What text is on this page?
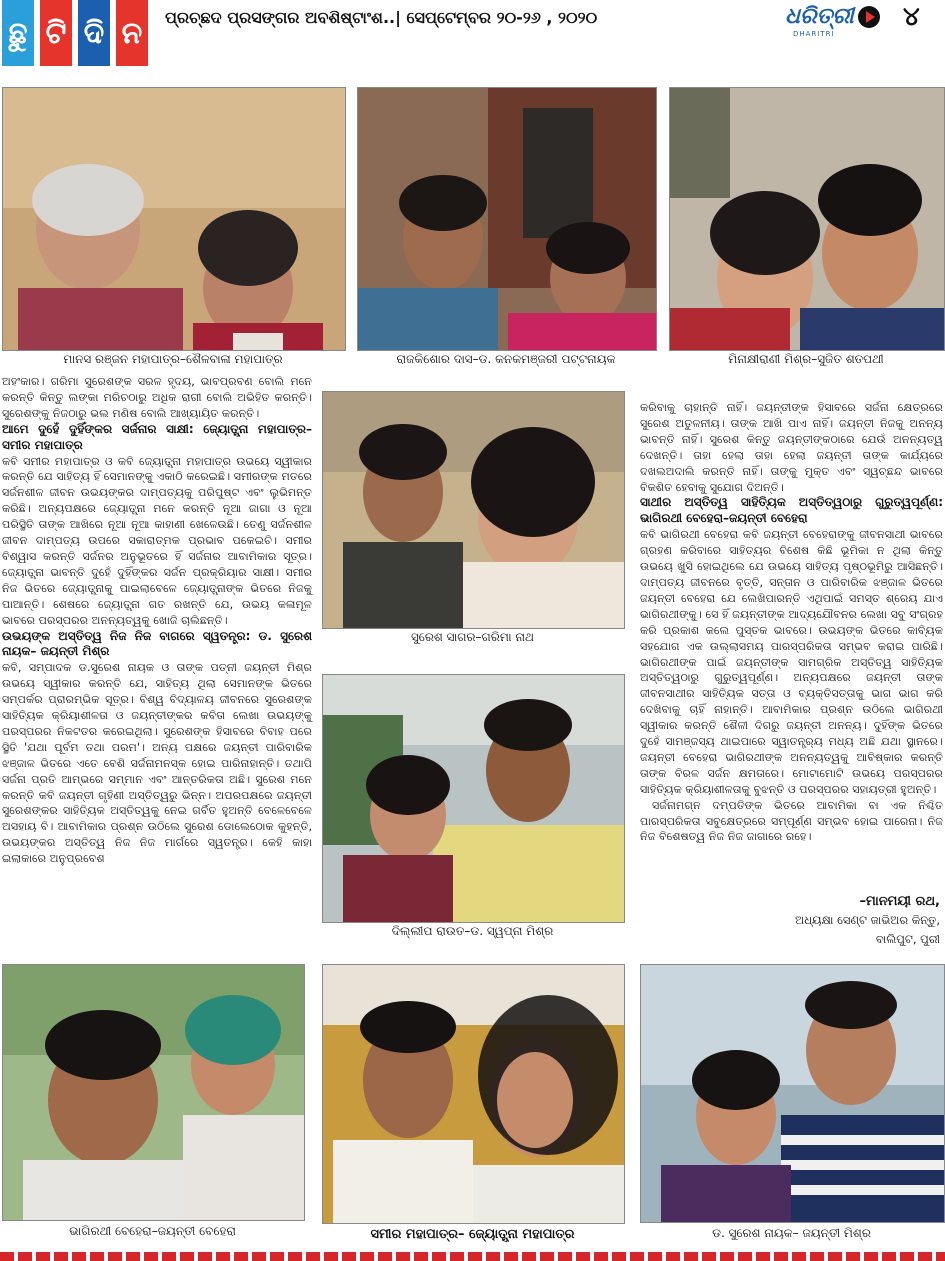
ଛୁ ଟି ଦି ନ	ପ୍ରଚ୍ଛଦ ପ୍ରସଙ୍ଗର ଅବଶିଷ୍ଟାଂଶ..| ସେପ୍ଟେମ୍ବର ୨୦-୨୬ , ୨୦୨୦	ଧରିତ୍ରୀ
DHARITRI
୪
ମାନସ ରଞ୍ଜନ ମହାପାତ୍ର–ଶୈଳବାଳା ମହାପାତ୍ର	ରାଜକିଶୋର ଦାସ–ଡ. କନକମଞ୍ଜରୀ ପଟ୍ଟନାୟକ	ମିନାକ୍ଷୀରାଣୀ ମିଶ୍ର–ସୁଜିତ ଶତପଥୀ
ସୁରେଶ ସାଗର–ଗରିମା ନାଥ
ଦିଲ୍ଲୀପ ରାଉତ–ଡ. ସ୍ୱପ୍ନା ମିଶ୍ର
ଭାଗିରଥୀ ବେହେରା–ଜୟନ୍ତୀ ବେହେରା	ସମୀର ମହାପାତ୍ର– ଜ୍ୟୋତ୍ସ୍ନା ମହାପାତ୍ର	ଡ. ସୁରେଶ ନାୟକ– ଜୟନ୍ତୀ ମିଶ୍ର

ଅହଂକାର। ଗରିମା ସୁରେଶଙ୍କ ସରଳ ହୃଦୟ, ଭାବପ୍ରବଣ ବୋଲି ମନେ କରନ୍ତି କିନ୍ତୁ ଲଙ୍କା ମରିଚଠାରୁ ଅଧିକ ରାଗୀ ବୋଲି ଅଭିହିତ କରନ୍ତି। ସୁରେଶଙ୍କୁ ନିଜଠାରୁ ଭଲ ମଣିଷ ବୋଲି ଆଖ୍ୟାୟିତ କରନ୍ତି।

ଆମେ ଦୁହେଁ ଦୁହିଁଙ୍କର ସର୍ଜନାର ସାକ୍ଷୀ: ଜ୍ୟୋତ୍ସ୍ନା ମହାପାତ୍ର– ସମୀର ମହାପାତ୍ର

କବି ସମୀର ମହାପାତ୍ର ଓ କବି ଜ୍ୟୋତ୍ସ୍ନା ମହାପାତ୍ର ଉଭୟେ ସ୍ୱୀକାର କରନ୍ତି ଯେ ସାହିତ୍ୟ ହିଁ ସେମାନଙ୍କୁ ଏକାଠି କରେଇଛି। ସମୀରଙ୍କ ମତରେ ସର୍ଜନଶୀଳ ଜୀବନ ଉଭୟଙ୍କର ଦାମ୍ପତ୍ୟକୁ ପରିପୁଷ୍ଟ ଏବଂ ଲୁଭିମନ୍ତ କରିଛି। ଅନ୍ୟପକ୍ଷରେ ଜ୍ୟୋତ୍ସ୍ନା ମନେ କରନ୍ତି ନୂଆ ଜାଗା ଓ ନୂଆ ପରିସ୍ଥିତି ତାଙ୍କ ଆଖିରେ ନୂଆ ନୂଆ କାହାଣୀ ଖେଳେଉଛି। ତେଣୁ ସର୍ଜନଶୀଳ ଜୀବନ ଦାମ୍ପତ୍ୟ ଉପରେ ସକାରାତ୍ମକ ପ୍ରଭାବ ପକେଇଚି। ସମୀର ବିଶ୍ୱାସ କରନ୍ତି ସର୍ଜନର ଅନୁଭୂତରେ ହିଁ ସର୍ଜନାର ଆବାମିକାର ସୂତ୍ର। ଜ୍ୟୋତ୍ସ୍ନା ଭାବନ୍ତି ଦୁହେଁ ଦୁହିଁଙ୍କର ସର୍ଜନ ପ୍ରକ୍ରିୟାର ସାକ୍ଷୀ। ସମୀର ନିଜ ଭିତରେ ଜ୍ୟୋତ୍ସ୍ନାକୁ ପାଇଲାବେଳେ ଜ୍ୟୋତ୍ସ୍ନାଙ୍କ ଭିତରେ ନିଜକୁ ପାଆନ୍ତି। ଶେଷରେ ଜ୍ୟୋତ୍ସ୍ନା ଗତ ରଖନ୍ତି ଯେ, ଉଭୟ କଳାମୂଳ ଭାବରେ ପରସ୍ପରର ଅନନ୍ୟତ୍ୱକୁ ଖୋଜି ଚାଲିଛନ୍ତି।

ଉଭୟଙ୍କ ଅସ୍ତିତ୍ୱ ନିଜ ନିଜ ବାଗରେ ସ୍ୱତନ୍ତ୍ର: ଡ. ସୁରେଶ ନାୟକ– ଜୟନ୍ତୀ ମିଶ୍ର

କବି, ସମ୍ପାଦକ ଡ.ସୁରେଶ ନାୟକ ଓ ତାଙ୍କ ପତ୍ନୀ ଜୟନ୍ତୀ ମିଶ୍ର ଉଭୟେ ସ୍ୱୀକାର କରନ୍ତି ଯେ, ସାହିତ୍ୟ ଥିଲା ସେମାନଙ୍କ ଭିତରେ ସମ୍ପର୍କର ପ୍ରାରମ୍ଭିକ ସୂତ୍ର। ବିଶ୍ୱ ବିଦ୍ୟାଳୟ ଜୀବନରେ ସୁରେଶଙ୍କ ସାହିତ୍ୟିକ କ୍ରିୟାଶୀଳତା ଓ ଜୟନ୍ତୀଙ୍କର କବିତା ଲେଖା ଉଭୟଙ୍କୁ ପରସ୍ପରର ନିକଟତର କରେଇଥିଲା। ସୁରେଶଙ୍କ ହିସାବରେ ବିବାହ ପରେ ସ୍ଥିତି 'ଯଥା ପୂର୍ବମ ତଥା ପରମ'। ଅନ୍ୟ ପକ୍ଷରେ ଜୟନ୍ତୀ ପାରିବାରିକ ଝଞ୍ଜାଳ ଭିତରେ ଏତେ ବେଶି ସର୍ଜନାମନସ୍କ ହୋଇ ପାରିନାହାନ୍ତି। ତଥାପି ସର୍ଜନା ପ୍ରତି ଆମ୍ଭରେ ସମ୍ମାନ ଏବଂ ଆନ୍ତରିକତା ଅଛି। ସୁରେଶ ମନେ କରନ୍ତି କବି ଜୟନ୍ତୀ ଗୃହିଣୀ ଅସ୍ତିତ୍ୱରୁ ଭିନ୍ନ। ଅପରପକ୍ଷରେ ଜୟନ୍ତୀ ସୁରେଶଙ୍କର ସାହିତ୍ୟିକ ଅସ୍ତିତ୍ୱକୁ ନେଇ ଗର୍ବିତ ହୁଅନ୍ତି ବେଳେବେଳେ ଅସହାୟ ବି। ଆବାମିକାର ପ୍ରଶ୍ନ ଉଠିଲେ ସୁରେଶ ଡୋଲେଠୋକ କୁହନ୍ତି, ଉଭୟଙ୍କର ଅସ୍ତିତ୍ୱ ନିଜ ନିଜ ମାର୍ଗରେ ସ୍ୱତନ୍ତ୍ର। କେହି କାହା ଇଲାକାରେ ଅନୁପ୍ରବେଶ

କରିବାକୁ ଚାହାନ୍ତି ନାହିଁ। ଜୟନ୍ତୀଙ୍କ ହିସାବରେ ସର୍ଜନା କ୍ଷେତ୍ରରେ ସୁରେଶ ଅତୁଳନୀୟ। ତାଙ୍କ ଆଖି ପାଏ ନାହିଁ। ଜୟନ୍ତୀ ନିଜକୁ ଅନନ୍ୟ ଭାବନ୍ତି ନାହିଁ। ସୁରେଶ କିନ୍ତୁ ଜୟନ୍ତୀଙ୍କଠାରେ ଯେଉଁ ଅନନ୍ୟତ୍ୱ ଦେଖନ୍ତି। ତାହା ହେଲା ତାହା ହେଲା ଜୟନ୍ତୀ ତାଙ୍କ କାର୍ଯ୍ୟରେ ଦଖଲଅଦାଲି କରନ୍ତି ନାହିଁ। ତାଙ୍କୁ ମୁକ୍ତ ଏବଂ ସ୍ୱଚ୍ଛନ୍ଦ ଭାବରେ ବିକଶିତ ହେବାକୁ ସୁଯୋଗ ଦିଅନ୍ତି।

ସାଥୀର ଅସ୍ତିତ୍ୱ ସାହିତ୍ୟିକ ଅସ୍ତିତ୍ୱଠାରୁ ଗୁରୁତ୍ୱପୂର୍ଣ୍ଣ: ଭାଗିରଥୀ ବେହେରା–ଜୟନ୍ତୀ ବେହେରା

କବି ଭାଗିରଥୀ ବେହେରା କବି ଜୟନ୍ତୀ ବେହେରାଙ୍କୁ ଜୀବନସାଥୀ ଭାବରେ ଗ୍ରହଣ କରିବାରେ ସାହିତ୍ୟର ବିଶେଷ କିଛି ଭୂମିକା ନ ଥିଲା କିନ୍ତୁ ଉଭୟେ ଖୁସି ହୋଇଥିଲେ ଯେ ଉଭୟେ ସାହିତ୍ୟ ପୃଷ୍ଠଭୂମିରୁ ଆସିଛନ୍ତି। ଦାମ୍ପତ୍ୟ ଜୀବନରେ ବୃତ୍ତି, ସନ୍ତାନ ଓ ପାରିବାରିକ ଝଞ୍ଜାଳ ଭିତରେ ଜୟନ୍ତୀ ବେହେରା ଯେ ଲେଖିପାରନ୍ତି ଏଥିପାଇଁ ସମସ୍ତ ଶ୍ରେୟ ଯାଏ ଭାଗିରଥୀଙ୍କୁ। ସେ ହିଁ ଜୟନ୍ତୀଙ୍କ ଆଦ୍ୟଯୌବନର ଲେଖା ସବୁ ସଂଗ୍ରହ କରି ପ୍ରକାଶ କଲେ ପୁସ୍ତକ ଭାବରେ। ଉଭୟଙ୍କ ଭିତରେ କାବ୍ୟିକ ସହଯୋଗ ଏକ ଉଲ୍ଲାସମୟ ପାରସ୍ପରିକତା ସମ୍ଭବ କରାଇ ପାରିଛି। ଭାଗିରଥୀଙ୍କ ପାଇଁ ଜୟନ୍ତୀଙ୍କ ସାମଗ୍ରିକ ଅସ୍ତିତ୍ୱ ସାହିତ୍ୟିକ ଅସ୍ତିତ୍ୱଠାରୁ ଗୁରୁତ୍ୱପୂର୍ଣ୍ଣ। ଅନ୍ୟପକ୍ଷରେ ଜୟନ୍ତୀ ତାଙ୍କ ଜୀବନସାଥୀର ସାହିତ୍ୟିକ ସତ୍ତା ଓ ବ୍ୟକ୍ତିସତ୍ତାକୁ ଭାଗ ଭାଗ କରି ଦେଖିବାକୁ ଚାହିଁ ନାହାନ୍ତି। ଆବାମିକାର ପ୍ରଶ୍ନ ଉଠିଲେ ଭାଗିରଥୀ ସ୍ୱୀକାର କରନ୍ତି ଶୈଳୀ ଦିଗରୁ ଜୟନ୍ତୀ ଅନନ୍ୟ। ଦୁହିଁଙ୍କ ଭିତରେ ଦୁହେଁ ସାମଞ୍ଜସ୍ୟ ଥାଇପାରେ ସ୍ୱାତନ୍ତ୍ର୍ୟ ମଧ୍ୟ ଅଛି ଯଥା ସ୍ଥାନରେ। ଜୟନ୍ତୀ ବେହେରା ଭାଗିରଥୀଙ୍କ ଅନନ୍ୟତ୍ୱକୁ ଆବିଷ୍କାର କରନ୍ତି ତାଙ୍କ ବିରଳ ସର୍ଜନ କ୍ଷମତାରେ। ମୋଟାମୋଟି ଉଭୟେ ପରସ୍ପରର ସାହିତ୍ୟିକ କ୍ରିୟାଶୀଳତାକୁ ବୁଝନ୍ତି ଓ ପରସ୍ପରର ସହାୟତ୍ରୀ ହୁଅନ୍ତି।

ସର୍ଜନାମଗ୍ନ ଦମ୍ପତିଙ୍କ ଭିତରେ ଆବାମିକା ବା ଏକ ନିଶ୍ଚିତ ପାରସ୍ପରିକତା ସବୁକ୍ଷେତ୍ରରେ ସମ୍ପୂର୍ଣ୍ଣ ସମ୍ଭବ ହୋଇ ପାରେନା। ନିଜ ନିଜ ବିଶେଷତ୍ୱ ନିଜ ନିଜ ଜାଗାରେ ରହେ।

–ମାନମୟୀ ରଥ,
ଅଧ୍ୟକ୍ଷା ସେଣ୍ଟ ଜାଭିଅର କିନ୍ତୁ,
ବାଲିପୁଟ, ପୁରୀ
